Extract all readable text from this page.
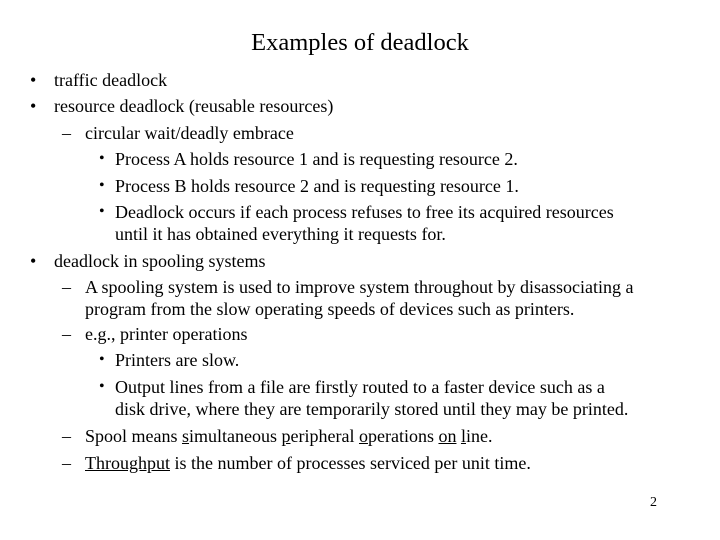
Examples of deadlock
• traffic deadlock
• resource deadlock (reusable resources)
– circular wait/deadly embrace
• Process A holds resource 1 and is requesting resource 2.
• Process B holds resource 2 and is requesting resource 1.
• Deadlock occurs if each process refuses to free its acquired resources
until it has obtained everything it requests for.
• deadlock in spooling systems
– A spooling system is used to improve system throughout by disassociating a
program from the slow operating speeds of devices such as printers.
– e.g., printer operations
• Printers are slow.
• Output lines from a file are firstly routed to a faster device such as a
disk drive, where they are temporarily stored until they may be printed.
– Spool means simultaneous peripheral operations on line.
– Throughput is the number of processes serviced per unit time.
2
